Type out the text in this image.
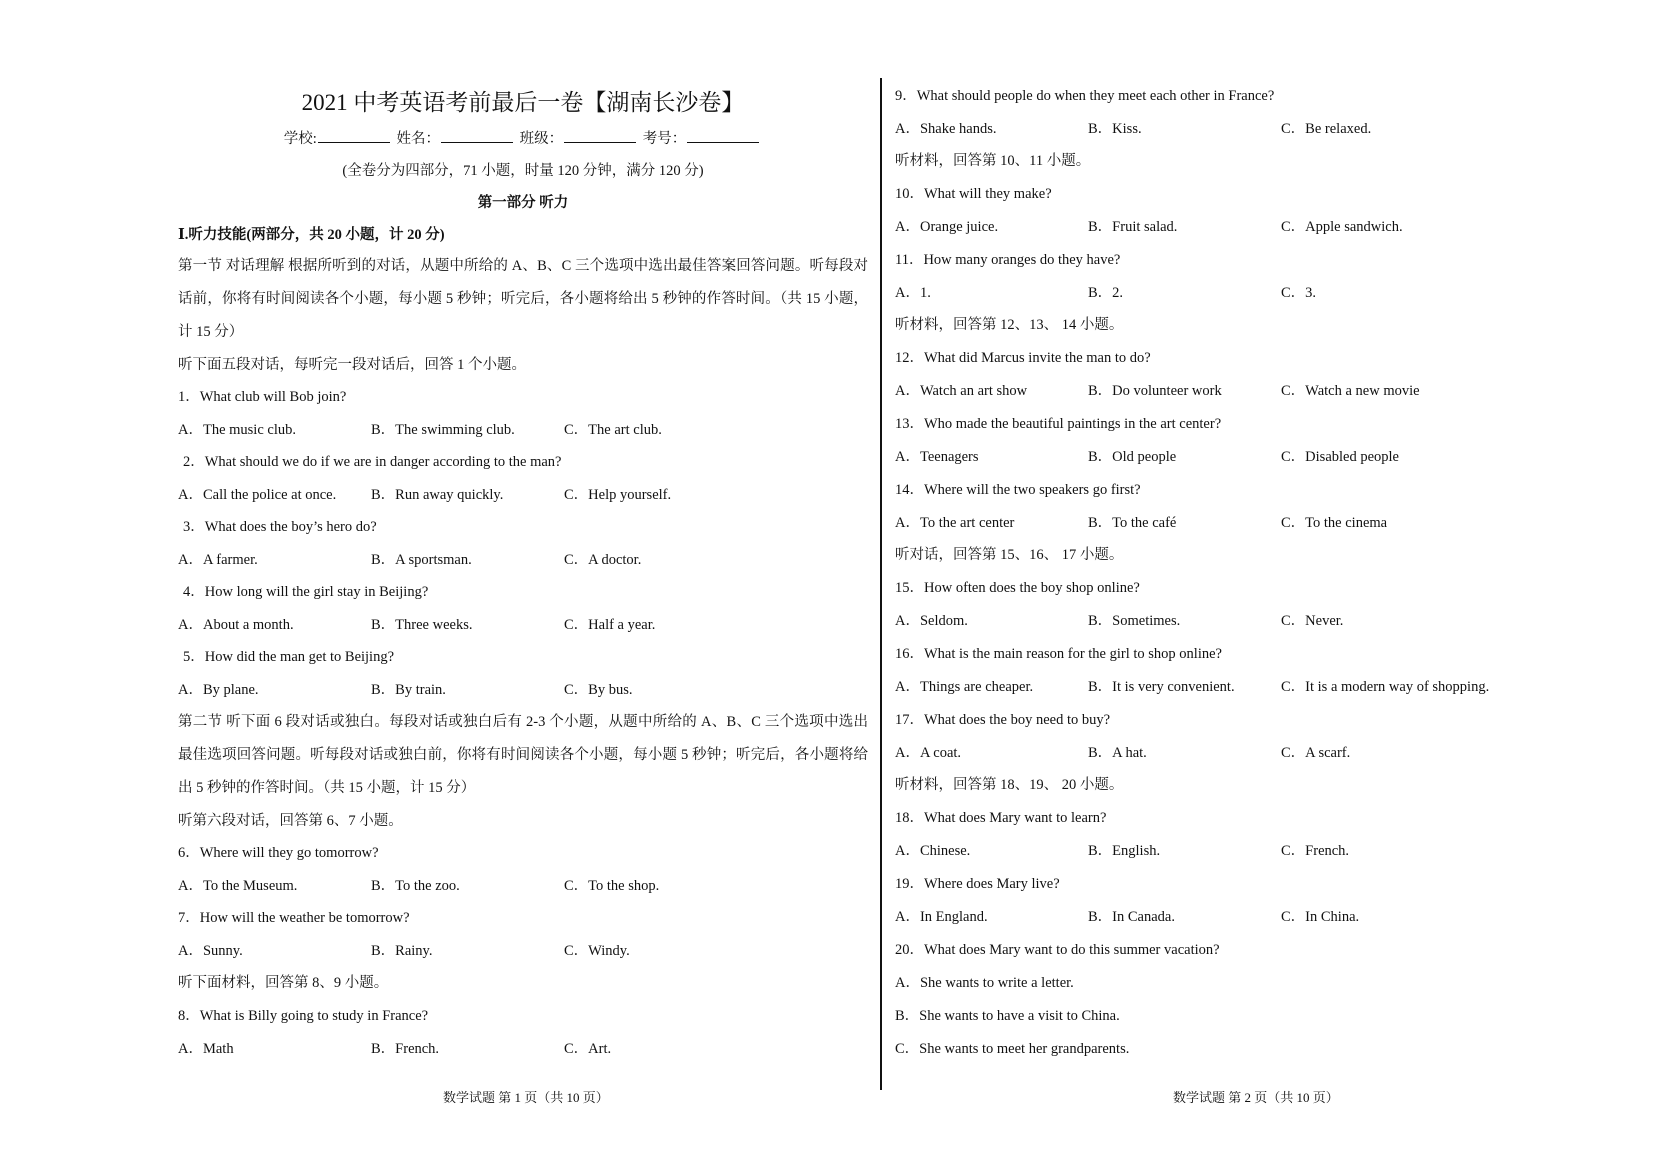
2021 中考英语考前最后一卷【湖南长沙卷】
学校:	姓名：	班级：	考号：
(全卷分为四部分，71 小题，时量 120 分钟，满分 120 分)
第一部分 听力
Ⅰ.听力技能(两部分，共 20 小题，计 20 分)
第一节 对话理解 根据所听到的对话，从题中所给的 A、B、C 三个选项中选出最佳答案回答问题。听每段对话前，你将有时间阅读各个小题，每小题 5 秒钟；听完后，各小题将给出 5 秒钟的作答时间。（共 15 小题，计 15 分）
听下面五段对话，每听完一段对话后，回答 1 个小题。
1．What club will Bob join?
A．The music club.	B．The swimming club.	C．The art club.
2．What should we do if we are in danger according to the man?
A．Call the police at once. B．Run away quickly.	C．Help yourself.
3．What does the boy’s hero do?
A．A farmer.	B．A sportsman.	C．A doctor.
4．How long will the girl stay in Beijing?
A．About a month.	B．Three weeks.	C．Half a year.
5．How did the man get to Beijing?
A．By plane.	B．By train.	C．By bus.
第二节 听下面 6 段对话或独白。每段对话或独白后有 2-3 个小题，从题中所给的 A、B、C 三个选项中选出最佳选项回答问题。听每段对话或独白前，你将有时间阅读各个小题，每小题 5 秒钟；听完后，各小题将给出 5 秒钟的作答时间。（共 15 小题，计 15 分）
听第六段对话，回答第 6、7 小题。
6．Where will they go tomorrow?
A．To the Museum.	B．To the zoo.	C．To the shop.
7．How will the weather be tomorrow?
A．Sunny.	B．Rainy.	C．Windy.
听下面材料，回答第 8、9 小题。
8．What is Billy going to study in France?
A．Math	B．French.	C．Art.
9．What should people do when they meet each other in France?
A．Shake hands.	B．Kiss.	C．Be relaxed.
听材料，回答第 10、11 小题。
10．What will they make?
A．Orange juice.	B．Fruit salad.	C．Apple sandwich.
11．How many oranges do they have?
A．1.	B．2.	C．3.
听材料，回答第 12、13、 14 小题。
12．What did Marcus invite the man to do?
A．Watch an art show	B．Do volunteer work	C．Watch a new movie
13．Who made the beautiful paintings in the art center?
A．Teenagers	B．Old people	C．Disabled people
14．Where will the two speakers go first?
A．To the art center	B．To the café	C．To the cinema
听对话，回答第 15、16、 17 小题。
15．How often does the boy shop online?
A．Seldom.	B．Sometimes.	C．Never.
16．What is the main reason for the girl to shop online?
A．Things are cheaper.	B．It is very convenient.	C．It is a modern way of shopping.
17．What does the boy need to buy?
A．A coat.	B．A hat.	C．A scarf.
听材料，回答第 18、19、 20 小题。
18．What does Mary want to learn?
A．Chinese.	B．English.	C．French.
19．Where does Mary live?
A．In England.	B．In Canada.	C．In China.
20．What does Mary want to do this summer vacation?
A．She wants to write a letter.
B．She wants to have a visit to China.
C．She wants to meet her grandparents.
数学试题 第 1 页（共 10 页）	数学试题 第 2 页（共 10 页）
